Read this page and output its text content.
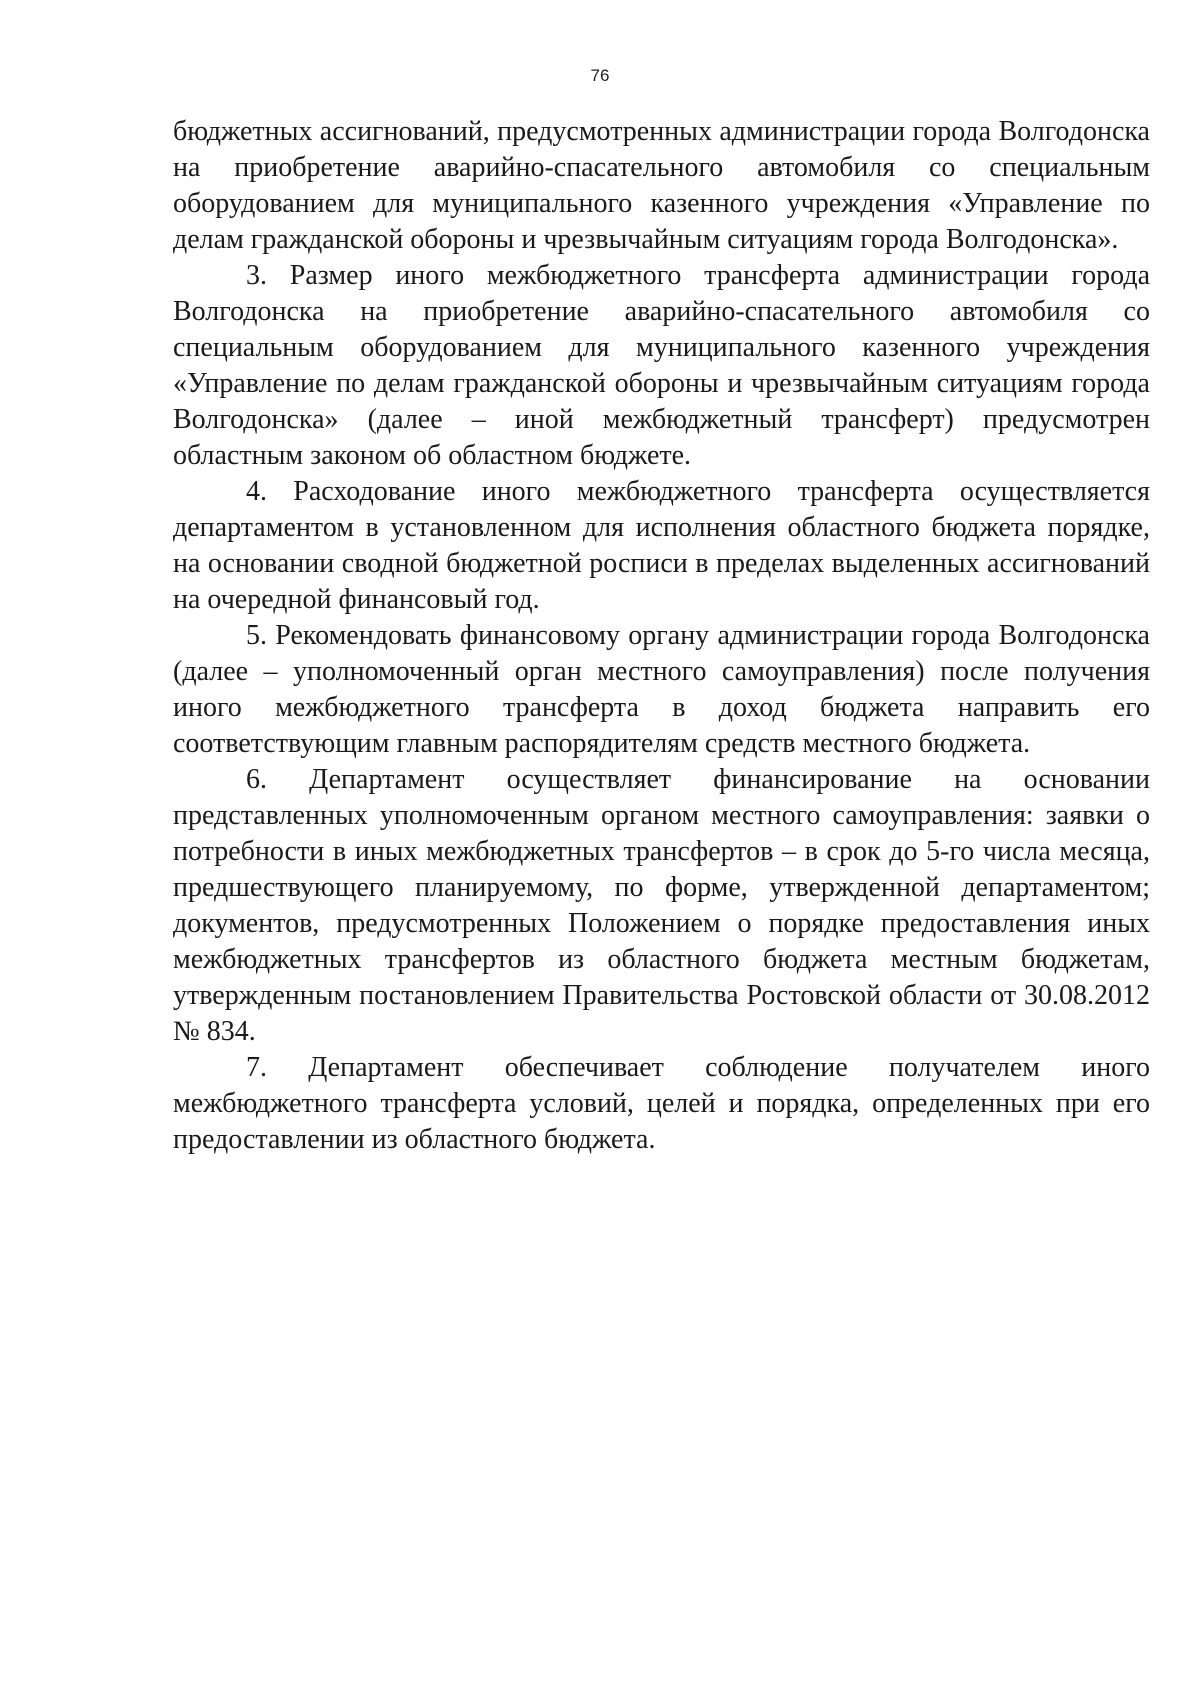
76

бюджетных ассигнований, предусмотренных администрации города Волгодонска на приобретение аварийно-спасательного автомобиля со специальным оборудованием для муниципального казенного учреждения «Управление по делам гражданской обороны и чрезвычайным ситуациям города Волгодонска».

3. Размер иного межбюджетного трансферта администрации города Волгодонска на приобретение аварийно-спасательного автомобиля со специальным оборудованием для муниципального казенного учреждения «Управление по делам гражданской обороны и чрезвычайным ситуациям города Волгодонска» (далее – иной межбюджетный трансферт) предусмотрен областным законом об областном бюджете.

4. Расходование иного межбюджетного трансферта осуществляется департаментом в установленном для исполнения областного бюджета порядке, на основании сводной бюджетной росписи в пределах выделенных ассигнований на очередной финансовый год.

5. Рекомендовать финансовому органу администрации города Волгодонска (далее – уполномоченный орган местного самоуправления) после получения иного межбюджетного трансферта в доход бюджета направить его соответствующим главным распорядителям средств местного бюджета.

6. Департамент осуществляет финансирование на основании представленных уполномоченным органом местного самоуправления: заявки о потребности в иных межбюджетных трансфертов – в срок до 5-го числа месяца, предшествующего планируемому, по форме, утвержденной департаментом; документов, предусмотренных Положением о порядке предоставления иных межбюджетных трансфертов из областного бюджета местным бюджетам, утвержденным постановлением Правительства Ростовской области от 30.08.2012 № 834.

7. Департамент обеспечивает соблюдение получателем иного межбюджетного трансферта условий, целей и порядка, определенных при его предоставлении из областного бюджета.
